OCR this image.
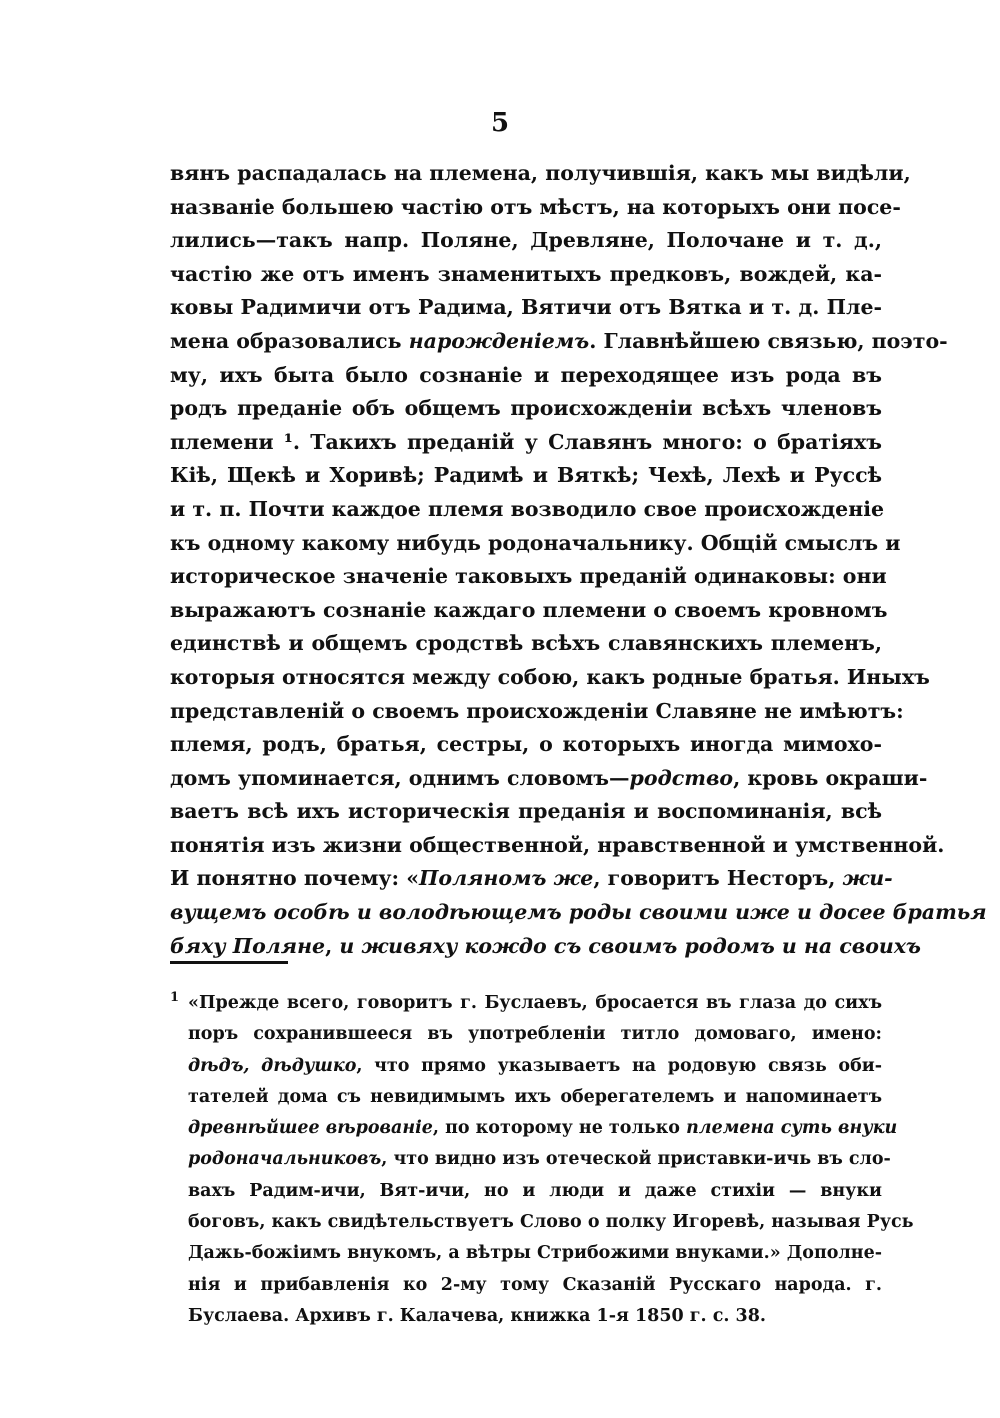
5
вянъ распадалась на племена, получившія, какъ мы видѣли,
названіе большею частію отъ мѣстъ, на которыхъ они посе-
лились—такъ напр. Поляне, Древляне, Полочане и т. д.,
частію же отъ именъ знаменитыхъ предковъ, вождей, ка-
ковы Радимичи отъ Радима, Вятичи отъ Вятка и т. д. Пле-
мена образовались нарожденіемъ. Главнѣйшею связью, поэто-
му, ихъ быта было сознаніе и переходящее изъ рода въ
родъ преданіе объ общемъ происхожденіи всѣхъ членовъ
племени ¹. Такихъ преданій у Славянъ много: о братіяхъ
Кіѣ, Щекѣ и Хоривѣ; Радимѣ и Вяткѣ; Чехѣ, Лехѣ и Руссѣ
и т. п. Почти каждое племя возводило свое происхожденіе
къ одному какому нибудь родоначальнику. Общій смыслъ и
историческое значеніе таковыхъ преданій одинаковы: они
выражаютъ сознаніе каждаго племени о своемъ кровномъ
единствѣ и общемъ сродствѣ всѣхъ славянскихъ племенъ,
которыя относятся между собою, какъ родные братья. Иныхъ
представленій о своемъ происхожденіи Славяне не имѣютъ:
племя, родъ, братья, сестры, о которыхъ иногда мимохо-
домъ упоминается, однимъ словомъ—родство, кровь окраши-
ваетъ всѣ ихъ историческія преданія и воспоминанія, всѣ
понятія изъ жизни общественной, нравственной и умственной.
И понятно почему: «Поляномъ же, говоритъ Несторъ, жи-
вущемъ особѣ и володѣющемъ роды своими иже и досее братья
бяху Поляне, и живяху кождо съ своимъ родомъ и на своихъ
1 «Прежде всего, говоритъ г. Буслаевъ, бросается въ глаза до сихъ
поръ сохранившееся въ употребленіи титло домоваго, имено:
дѣдъ, дѣдушко, что прямо указываетъ на родовую связь оби-
тателей дома съ невидимымъ ихъ оберегателемъ и напоминаетъ
древнѣйшее вѣрованіе, по которому не только племена суть внуки
родоначальниковъ, что видно изъ отеческой приставки-ичь въ сло-
вахъ Радим-ичи, Вят-ичи, но и люди и даже стихіи — внуки
боговъ, какъ свидѣтельствуетъ Слово о полку Игоревѣ, называя Русь
Дажь-божіимъ внукомъ, а вѣтры Стрибожими внуками.» Дополне-
нія и прибавленія ко 2-му тому Сказаній Русскаго народа. г.
Буслаева. Архивъ г. Калачева, книжка 1-я 1850 г. с. 38.
